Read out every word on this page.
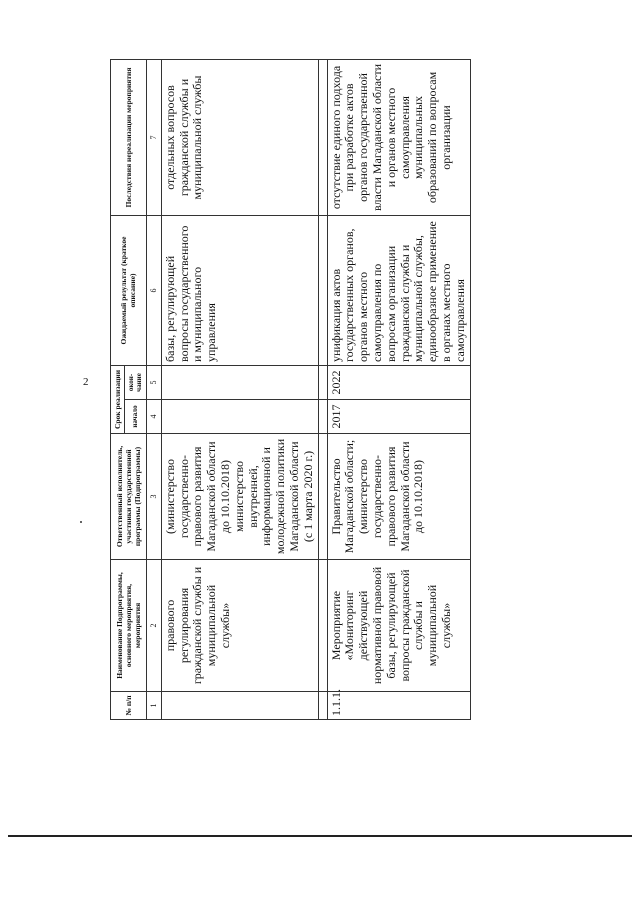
2
№ п/п	Наименование Подпрограммы, основного мероприятия, мероприятия	Ответственный исполнитель, участники государственной программы (Подпрограммы)	Срок реализации		Ожидаемый результат (краткое описание)	Последствия нереализации мероприятия
			начало	окон-чание		
1	2	3	4	5	6	7
	правового регулирования гражданской службы и муниципальной службы»	(министерство государственно-правового развития Магаданской области до 10.10.2018) министерство внутренней, информационной и молодежной политики Магаданской области (с 1 марта 2020 г.)			базы, регулирующей вопросы государственного и муниципального управления	отдельных вопросов гражданской службы и муниципальной службы

1.1.1.	Мероприятие «Мониторинг действующей нормативной правовой базы, регулирующей вопросы гражданской службы и муниципальной службы»	Правительство Магаданской области; (министерство государственно-правового развития Магаданской области до 10.10.2018)	2017	2022	унификация актов государственных органов, органов местного самоуправления по вопросам организации гражданской службы и муниципальной службы, единообразное применение в органах местного самоуправления	отсутствие единого подхода при разработке актов органов государственной власти Магаданской области и органов местного самоуправления муниципальных образований по вопросам организации
